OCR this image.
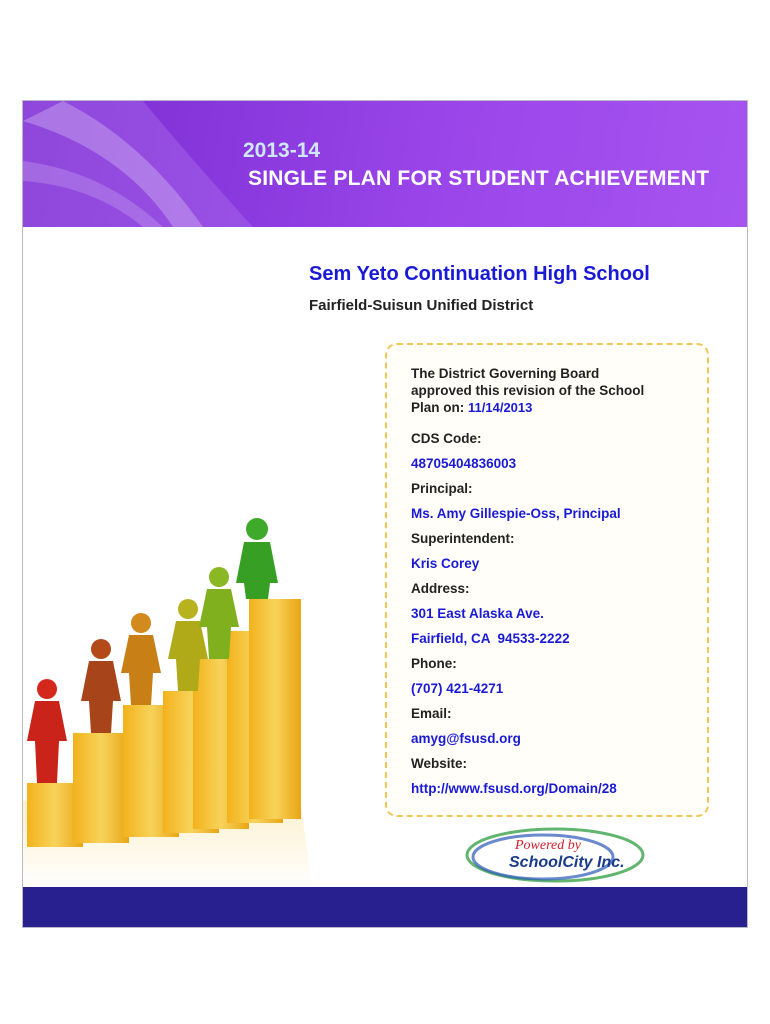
2013-14
SINGLE PLAN FOR STUDENT ACHIEVEMENT
Sem Yeto Continuation High School
Fairfield-Suisun Unified District
The District Governing Board
approved this revision of the School
Plan on: 11/14/2013
CDS Code:
48705404836003
Principal:
Ms. Amy Gillespie-Oss, Principal
Superintendent:
Kris Corey
Address:
301 East Alaska Ave.
Fairfield, CA  94533-2222
Phone:
(707) 421-4271
Email:
amyg@fsusd.org
Website:
http://www.fsusd.org/Domain/28
Powered by
SchoolCity Inc.
